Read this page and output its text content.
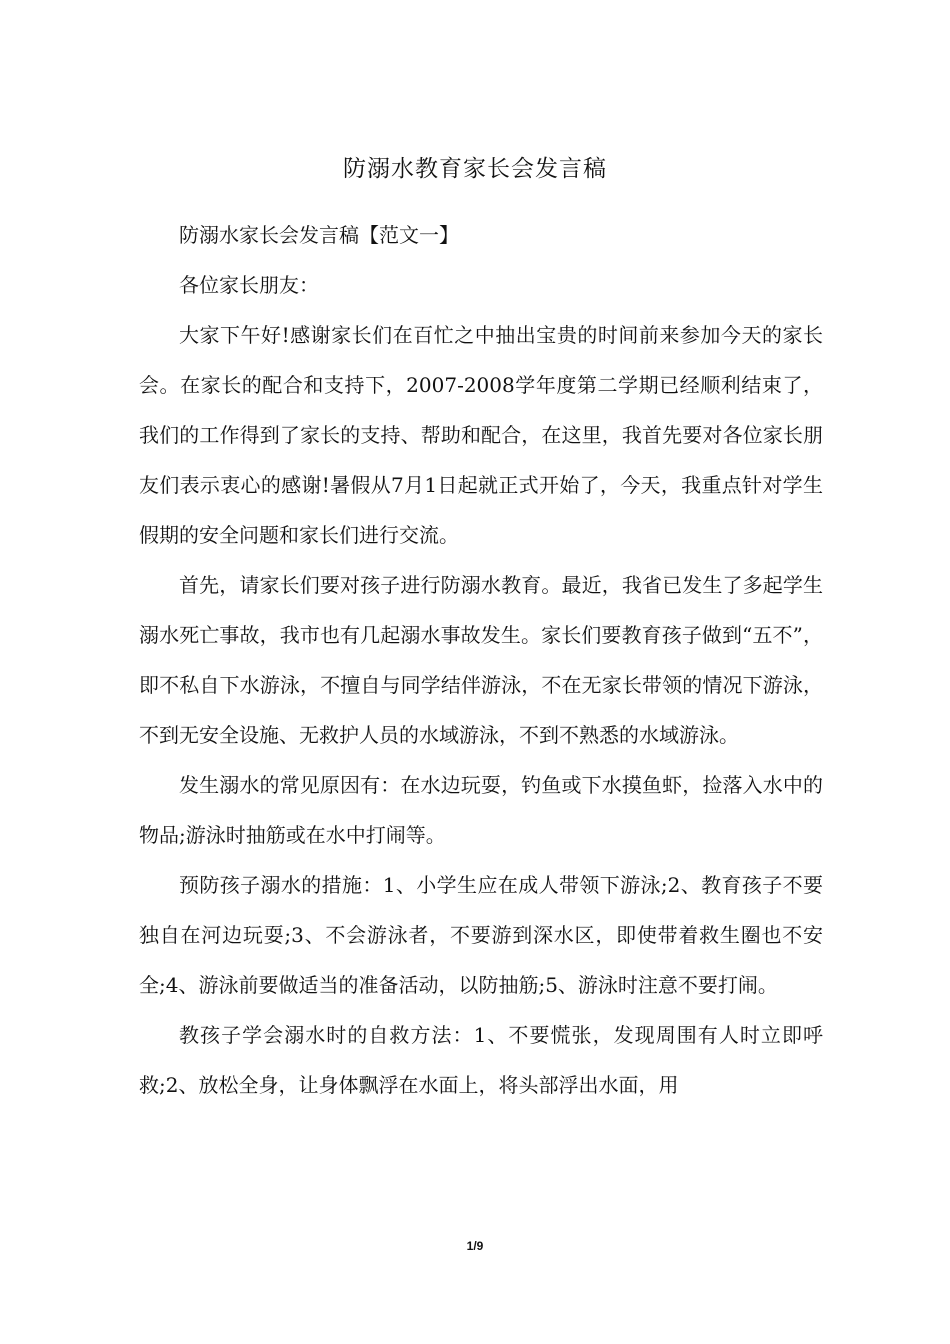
防溺水教育家长会发言稿

防溺水家长会发言稿【范文一】

各位家长朋友：

大家下午好!感谢家长们在百忙之中抽出宝贵的时间前来参加今天的家长会。在家长的配合和支持下，2007-2008学年度第二学期已经顺利结束了，我们的工作得到了家长的支持、帮助和配合，在这里，我首先要对各位家长朋友们表示衷心的感谢!暑假从7月1日起就正式开始了，今天，我重点针对学生假期的安全问题和家长们进行交流。

首先，请家长们要对孩子进行防溺水教育。最近，我省已发生了多起学生溺水死亡事故，我市也有几起溺水事故发生。家长们要教育孩子做到“五不”，即不私自下水游泳，不擅自与同学结伴游泳，不在无家长带领的情况下游泳，不到无安全设施、无救护人员的水域游泳，不到不熟悉的水域游泳。

发生溺水的常见原因有：在水边玩耍，钓鱼或下水摸鱼虾，捡落入水中的物品;游泳时抽筋或在水中打闹等。

预防孩子溺水的措施：1、小学生应在成人带领下游泳;2、教育孩子不要独自在河边玩耍;3、不会游泳者，不要游到深水区，即使带着救生圈也不安全;4、游泳前要做适当的准备活动，以防抽筋;5、游泳时注意不要打闹。

教孩子学会溺水时的自救方法：1、不要慌张，发现周围有人时立即呼救;2、放松全身，让身体飘浮在水面上，将头部浮出水面，用

1/9
